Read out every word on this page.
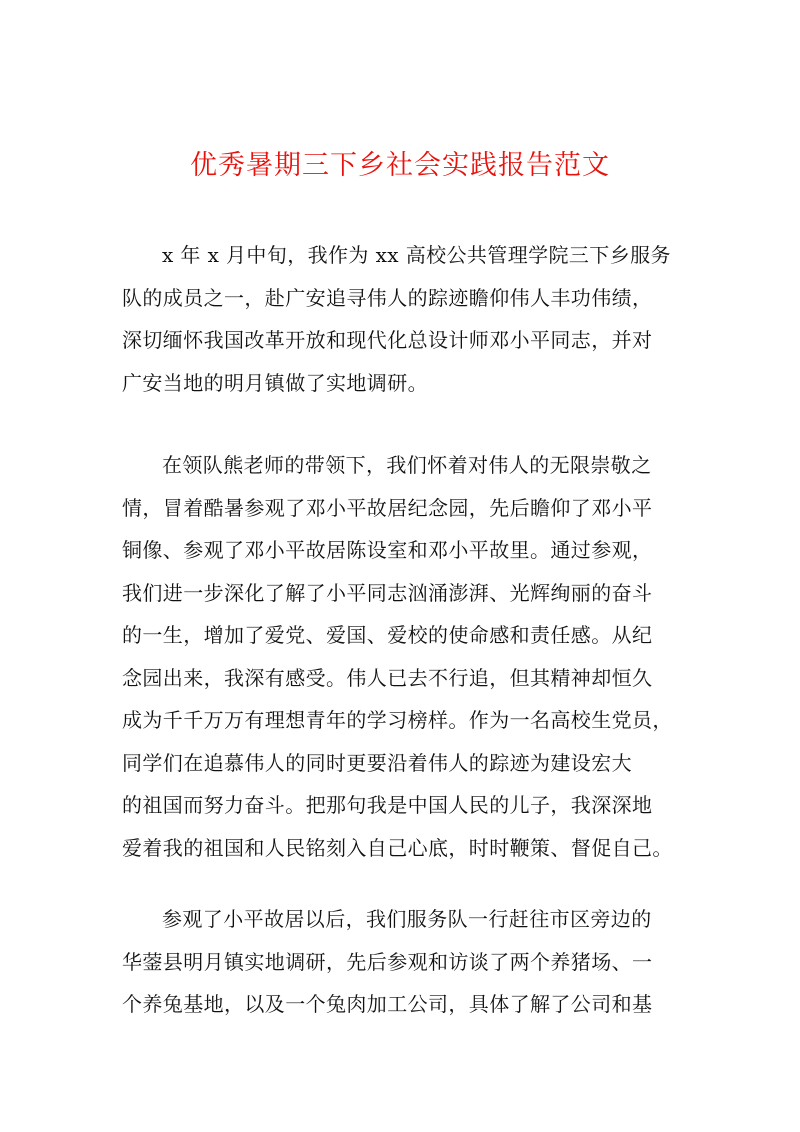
优秀暑期三下乡社会实践报告范文
x 年 x 月中旬，我作为 xx 高校公共管理学院三下乡服务
队的成员之一，赴广安追寻伟人的踪迹瞻仰伟人丰功伟绩，
深切缅怀我国改革开放和现代化总设计师邓小平同志，并对
广安当地的明月镇做了实地调研。
在领队熊老师的带领下，我们怀着对伟人的无限崇敬之
情，冒着酷暑参观了邓小平故居纪念园，先后瞻仰了邓小平
铜像、参观了邓小平故居陈设室和邓小平故里。通过参观，
我们进一步深化了解了小平同志汹涌澎湃、光辉绚丽的奋斗
的一生，增加了爱党、爱国、爱校的使命感和责任感。从纪
念园出来，我深有感受。伟人已去不行追，但其精神却恒久
成为千千万万有理想青年的学习榜样。作为一名高校生党员，
同学们在追慕伟人的同时更要沿着伟人的踪迹为建设宏大
的祖国而努力奋斗。把那句我是中国人民的儿子，我深深地
爱着我的祖国和人民铭刻入自己心底，时时鞭策、督促自己。
参观了小平故居以后，我们服务队一行赶往市区旁边的
华蓥县明月镇实地调研，先后参观和访谈了两个养猪场、一
个养兔基地，以及一个兔肉加工公司，具体了解了公司和基
